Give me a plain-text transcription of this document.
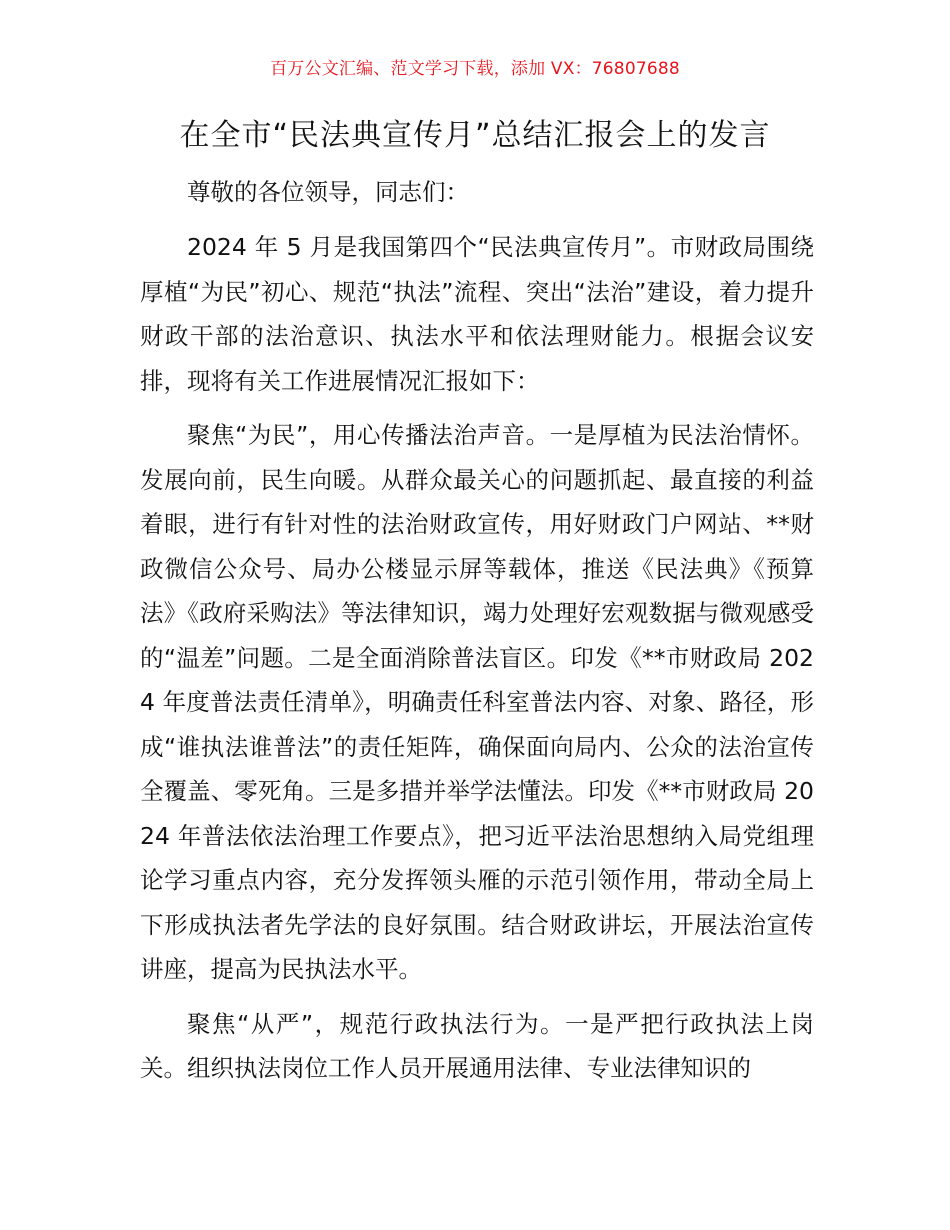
百万公文汇编、范文学习下载，添加 VX：76807688
在全市“民法典宣传月”总结汇报会上的发言

尊敬的各位领导，同志们：

2024 年 5 月是我国第四个“民法典宣传月”。市财政局围绕厚植“为民”初心、规范“执法”流程、突出“法治”建设，着力提升财政干部的法治意识、执法水平和依法理财能力。根据会议安排，现将有关工作进展情况汇报如下：

聚焦“为民”，用心传播法治声音。一是厚植为民法治情怀。发展向前，民生向暖。从群众最关心的问题抓起、最直接的利益着眼，进行有针对性的法治财政宣传，用好财政门户网站、**财政微信公众号、局办公楼显示屏等载体，推送《民法典》《预算法》《政府采购法》等法律知识，竭力处理好宏观数据与微观感受的“温差”问题。二是全面消除普法盲区。印发《**市财政局 2024 年度普法责任清单》，明确责任科室普法内容、对象、路径，形成“谁执法谁普法”的责任矩阵，确保面向局内、公众的法治宣传全覆盖、零死角。三是多措并举学法懂法。印发《**市财政局 2024 年普法依法治理工作要点》，把习近平法治思想纳入局党组理论学习重点内容，充分发挥领头雁的示范引领作用，带动全局上下形成执法者先学法的良好氛围。结合财政讲坛，开展法治宣传讲座，提高为民执法水平。

聚焦“从严”，规范行政执法行为。一是严把行政执法上岗关。组织执法岗位工作人员开展通用法律、专业法律知识的
